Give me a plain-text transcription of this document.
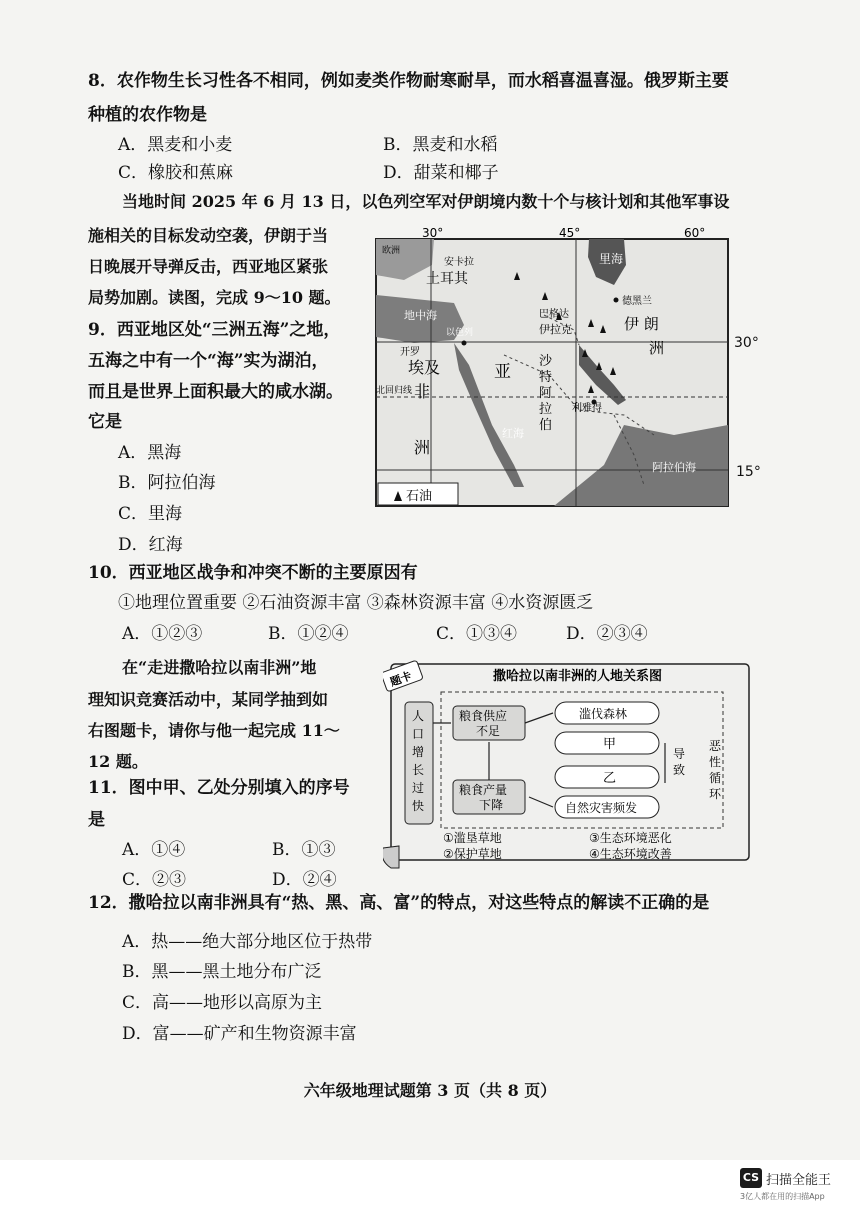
8．农作物生长习性各不相同，例如麦类作物耐寒耐旱，而水稻喜温喜湿。俄罗斯主要
种植的农作物是
A．黑麦和小麦	B．黑麦和水稻
C．橡胶和蕉麻	D．甜菜和椰子
当地时间 2025 年 6 月 13 日，以色列空军对伊朗境内数十个与核计划和其他军事设
施相关的目标发动空袭，伊朗于当
日晚展开导弹反击，西亚地区紧张
局势加剧。读图，完成 9～10 题。
9．西亚地区处“三洲五海”之地，
五海之中有一个“海”实为湖泊，
而且是世界上面积最大的咸水湖。
它是
A．黑海
B．阿拉伯海
C．里海
D．红海
石油
30°	45°	60°
欧洲
安卡拉
土耳其
里海
德黑兰
巴格达
伊拉克	伊 朗
洲
地中海
以色列
开罗
埃及
非
洲
亚
北回归线
红海
利雅得
阿拉伯海
沙
特
阿
拉
伯
30°
15°
10．西亚地区战争和冲突不断的主要原因有
①地理位置重要 ②石油资源丰富 ③森林资源丰富 ④水资源匮乏
A．①②③	B．①②④	C．①③④	D．②③④
在“走进撒哈拉以南非洲”地
理知识竞赛活动中，某同学抽到如
右图题卡，请你与他一起完成 11～
12 题。
11．图中甲、乙处分别填入的序号
是
A．①④	B．①③
C．②③	D．②④
题卡	撒哈拉以南非洲的人地关系图
人
口
增
长
过
快
粮食供应
不足
粮食产量
下降
滥伐森林
甲
乙
自然灾害频发
导
致
恶
性
循
环
①滥垦草地	③生态环境恶化
②保护草地	④生态环境改善
12．撒哈拉以南非洲具有“热、黑、高、富”的特点，对这些特点的解读不正确的是
A．热——绝大部分地区位于热带
B．黑——黑土地分布广泛
C．高——地形以高原为主
D．富——矿产和生物资源丰富
六年级地理试题第 3 页（共 8 页）
CS 扫描全能王
3亿人都在用的扫描App
